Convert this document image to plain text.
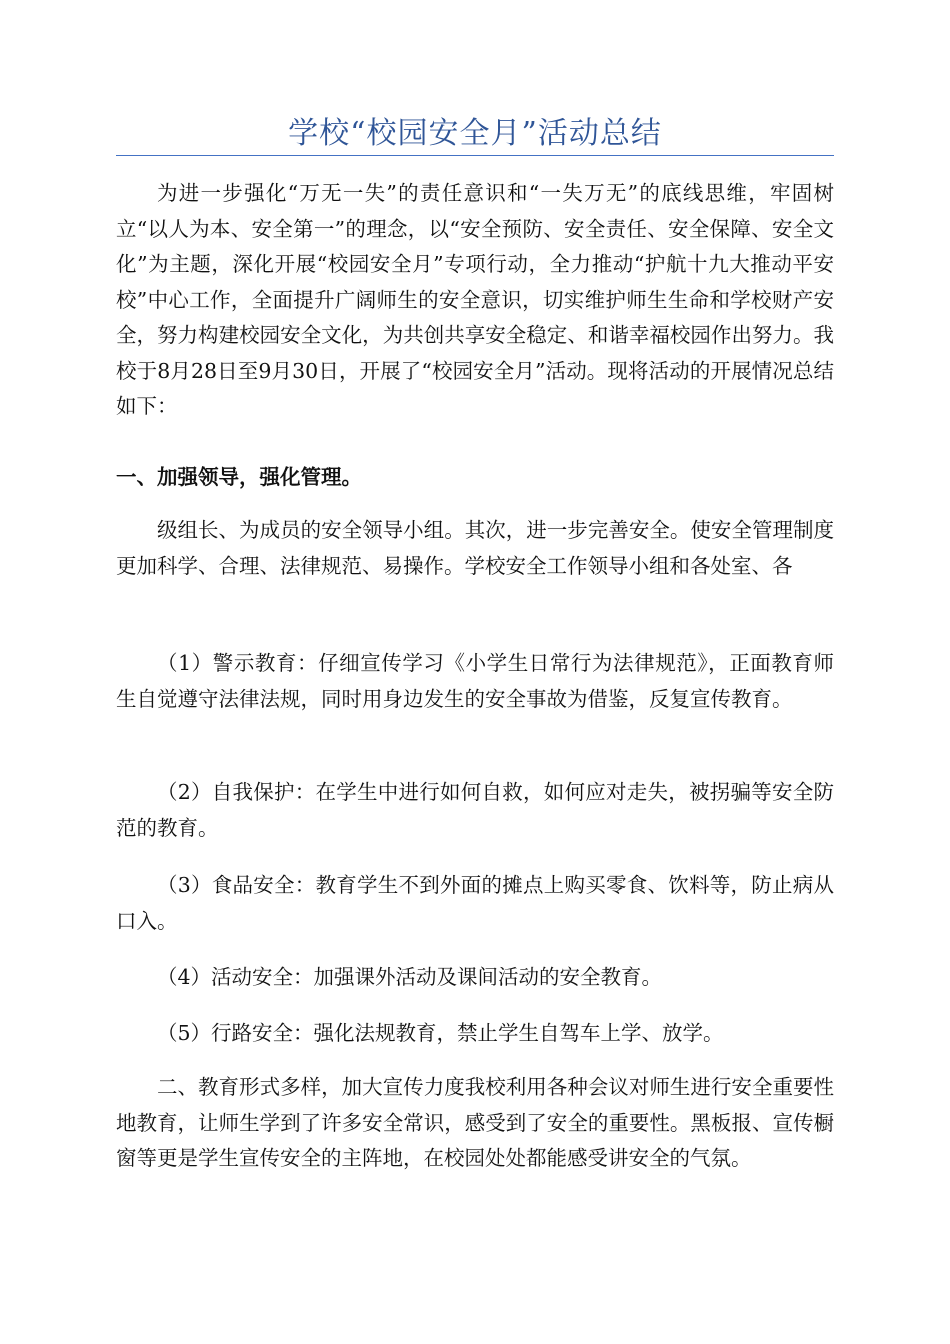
学校“校园安全月”活动总结

为进一步强化“万无一失”的责任意识和“一失万无”的底线思维，牢固树立“以人为本、安全第一”的理念，以“安全预防、安全责任、安全保障、安全文化”为主题，深化开展“校园安全月”专项行动，全力推动“护航十九大推动平安校”中心工作，全面提升广阔师生的安全意识，切实维护师生生命和学校财产安全，努力构建校园安全文化，为共创共享安全稳定、和谐幸福校园作出努力。我校于8月28日至9月30日，开展了“校园安全月”活动。现将活动的开展情况总结如下：

一、加强领导，强化管理。

级组长、为成员的安全领导小组。其次，进一步完善安全。使安全管理制度更加科学、合理、法律规范、易操作。学校安全工作领导小组和各处室、各

（1）警示教育：仔细宣传学习《小学生日常行为法律规范》，正面教育师生自觉遵守法律法规，同时用身边发生的安全事故为借鉴，反复宣传教育。

（2）自我保护：在学生中进行如何自救，如何应对走失，被拐骗等安全防范的教育。

（3）食品安全：教育学生不到外面的摊点上购买零食、饮料等，防止病从口入。

（4）活动安全：加强课外活动及课间活动的安全教育。

（5）行路安全：强化法规教育，禁止学生自驾车上学、放学。

二、教育形式多样，加大宣传力度我校利用各种会议对师生进行安全重要性地教育，让师生学到了许多安全常识，感受到了安全的重要性。黑板报、宣传橱窗等更是学生宣传安全的主阵地，在校园处处都能感受讲安全的气氛。
